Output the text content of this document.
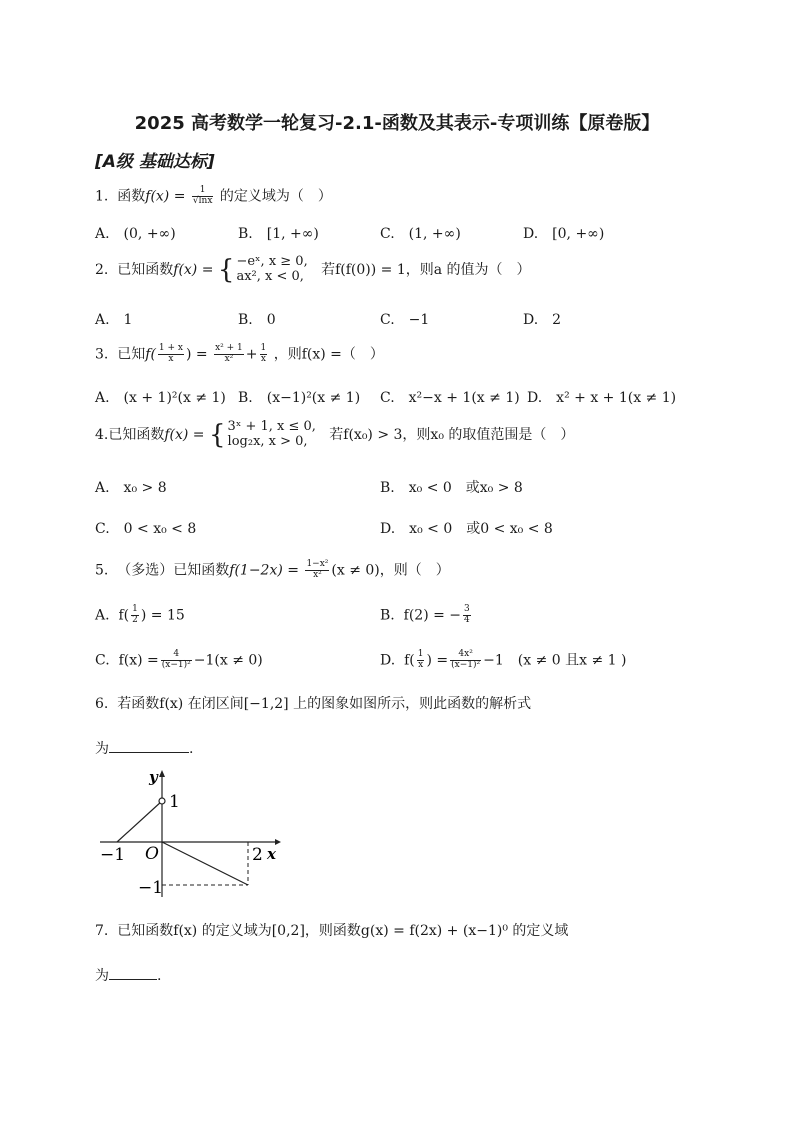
2025 高考数学一轮复习-2.1-函数及其表示-专项训练【原卷版】
[A级 基础达标]
1. 函数$f(x) = \frac{1}{√\ln x}$ 的定义域为（　）
A.　(0, +∞)	B.　[1, +∞)	C.　(1, +∞)	D.　[0, +∞)
2. 已知函数f(x) = { −eˣ, x ≥ 0,
ax², x < 0, 若f(f(0)) = 1，则a 的值为（　）
A.　1	B.　0	C.　−1	D.　2
3. 已知$f( \frac{1 + x}{x}$ ) = $\frac{\text{x² + 1}}{\text{x²}} + \frac{1}{x}$ ，则f(x) =（　）
A.　(x + 1)²(x ≠ 1) B.　(x−1)²(x ≠ 1) C.　x²−x + 1(x ≠ 1) D.　x² + x + 1(x ≠ 1)
4.已知函数f(x) = { 3ˣ + 1, x ≤ 0,
log₂x, x > 0,	若f(x₀) > 3，则x₀ 的取值范围是（　）
A.　x₀ > 8	B.　x₀ < 0　或x₀ > 8
C.　0 < x₀ < 8	D.　x₀ < 0　或0 < x₀ < 8
5. （多选）已知函数$f(1-2x) = \frac{\text{1−x²}}{\text{x²}} (x \ne 0)$，则（　）
A. $f( \frac{1}{2}$ ) = 15	B. f(2) = − $\frac{3}{4}$
C. $f(x) = \frac{4}{\text{(x−1)²}} -1(x \ne 0)$	D. $f( \frac{1}{x}$ ) = $\frac{\text{4x²}}{\text{(x−1)²}} -1$　(x ≠ 0 且x ≠ 1 )
6. 若函数f(x) 在闭区间[−1,2] 上的图象如图所示，则此函数的解析式
为	.
y
x
O
−1	2
1
−1
7. 已知函数f(x) 的定义域为[0,2]，则函数g(x) = f(2x) + (x−1)⁰ 的定义域
为	.
